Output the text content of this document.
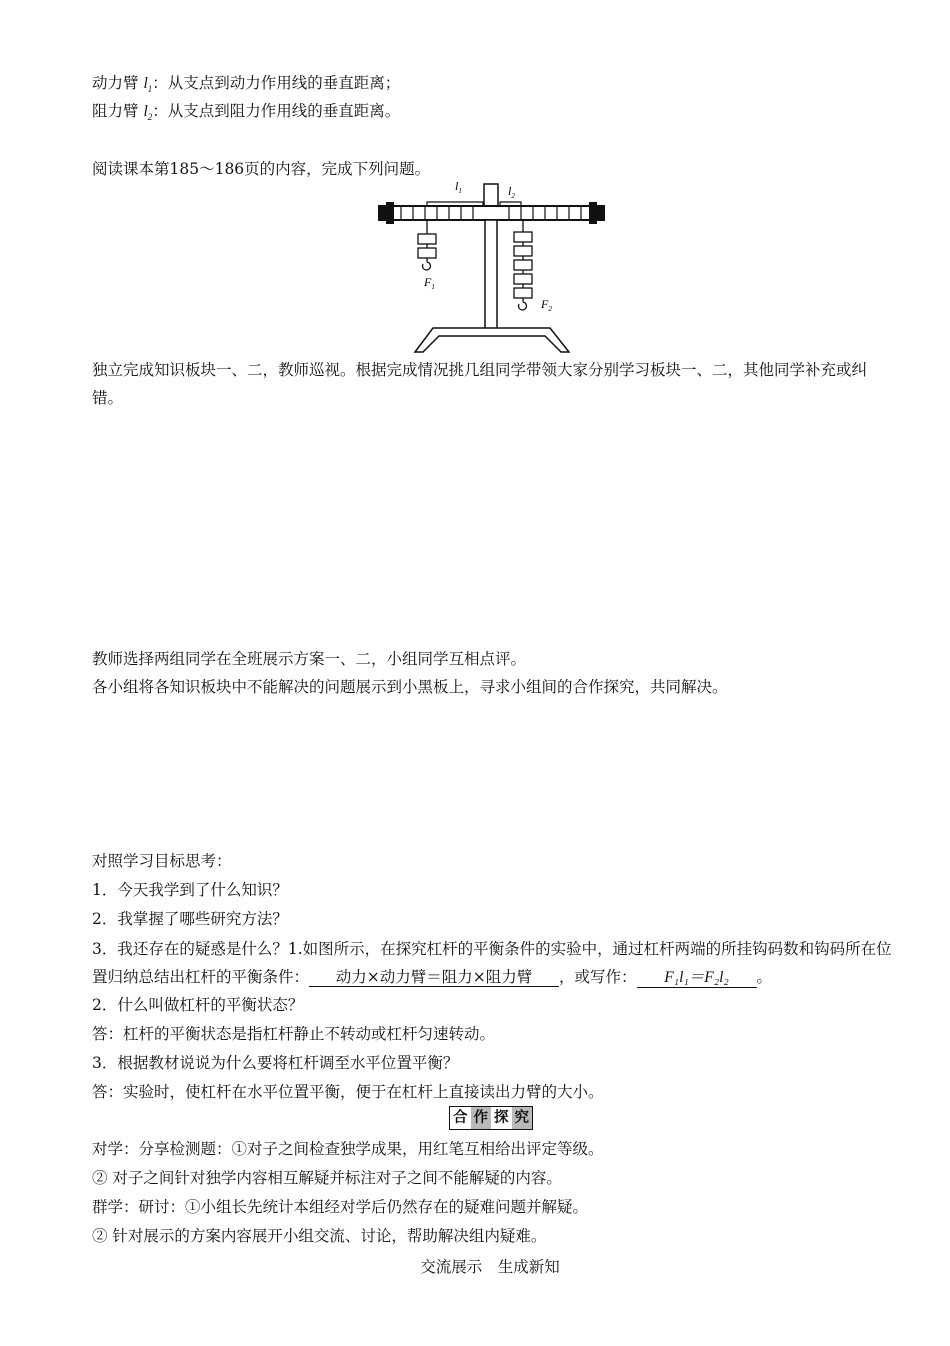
动力臂 $l_1$：从支点到动力作用线的垂直距离；
阻力臂 $l_2$：从支点到阻力作用线的垂直距离。
阅读课本第185～186页的内容，完成下列问题。
$l_1$	$l_2$
$F_1$
$F_2$
独立完成知识板块一、二，教师巡视。根据完成情况挑几组同学带领大家分别学习板块一、二，其他同学补充或纠错。
教师选择两组同学在全班展示方案一、二，小组同学互相点评。
各小组将各知识板块中不能解决的问题展示到小黑板上，寻求小组间的合作探究，共同解决。
对照学习目标思考：
1．今天我学到了什么知识？
2．我掌握了哪些研究方法？
3．我还存在的疑惑是什么？1.如图所示，在探究杠杆的平衡条件的实验中，通过杠杆两端的所挂钩码数和钩码所在位置归纳总结出杠杆的平衡条件： 动力×动力臂＝阻力×阻力臂 ，或写作： F₁l₁＝F₂l₂ 。
2．什么叫做杠杆的平衡状态？
答：杠杆的平衡状态是指杠杆静止不转动或杠杆匀速转动。
3．根据教材说说为什么要将杠杆调至水平位置平衡？
答：实验时，使杠杆在水平位置平衡，便于在杠杆上直接读出力臂的大小。
合 作 探 究
对学：分享检测题：①对子之间检查独学成果，用红笔互相给出评定等级。
② 对子之间针对独学内容相互解疑并标注对子之间不能解疑的内容。
群学：研讨：①小组长先统计本组经对学后仍然存在的疑难问题并解疑。
② 针对展示的方案内容展开小组交流、讨论，帮助解决组内疑难。
交流展示　生成新知
